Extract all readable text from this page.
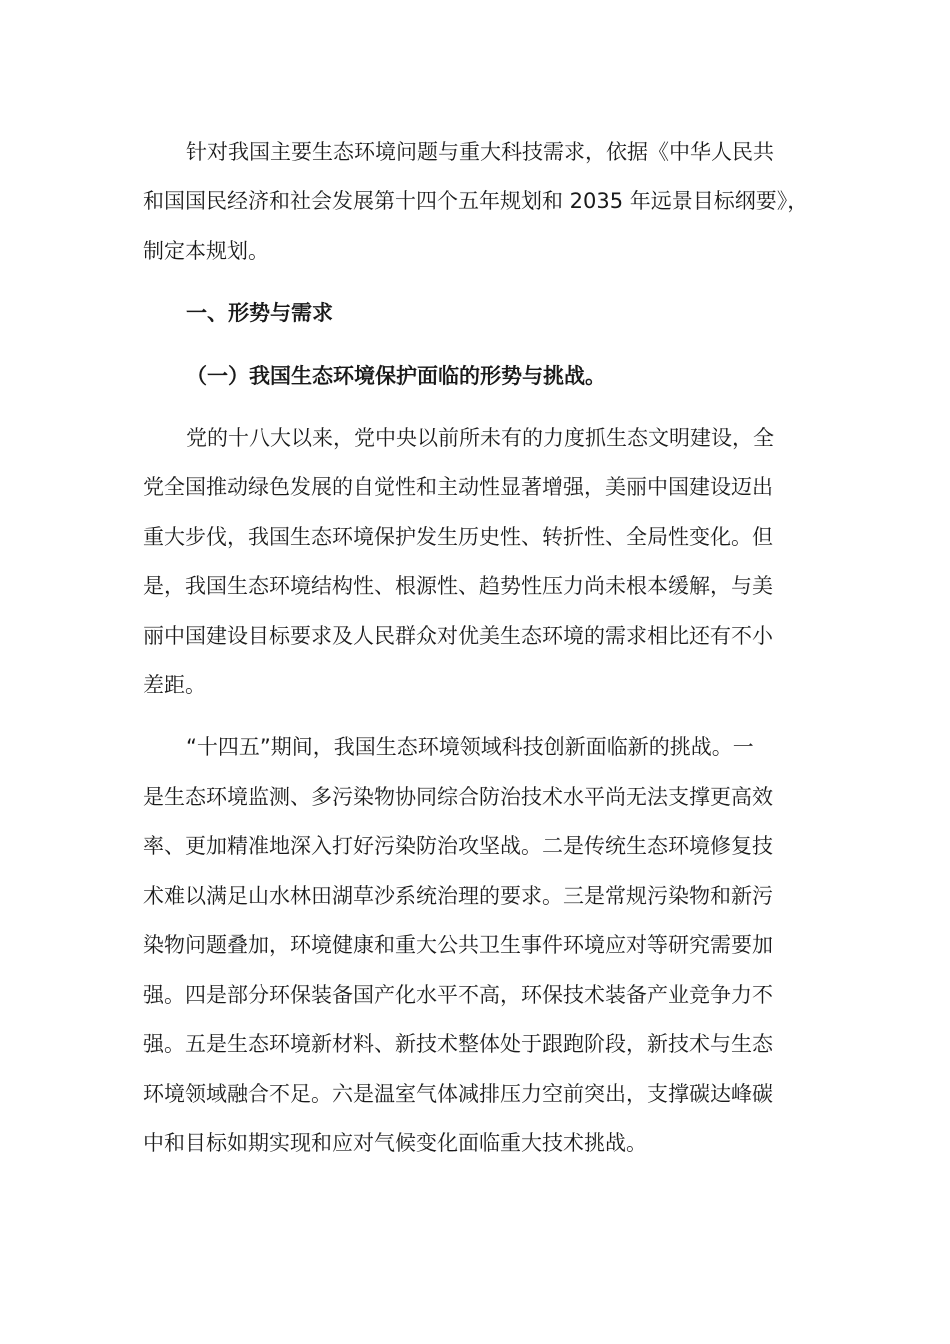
针对我国主要生态环境问题与重大科技需求，依据《中华人民共
和国国民经济和社会发展第十四个五年规划和 2035 年远景目标纲要》，
制定本规划。
一、形势与需求
（一）我国生态环境保护面临的形势与挑战。
党的十八大以来，党中央以前所未有的力度抓生态文明建设，全
党全国推动绿色发展的自觉性和主动性显著增强，美丽中国建设迈出
重大步伐，我国生态环境保护发生历史性、转折性、全局性变化。但
是，我国生态环境结构性、根源性、趋势性压力尚未根本缓解，与美
丽中国建设目标要求及人民群众对优美生态环境的需求相比还有不小
差距。
“十四五”期间，我国生态环境领域科技创新面临新的挑战。一
是生态环境监测、多污染物协同综合防治技术水平尚无法支撑更高效
率、更加精准地深入打好污染防治攻坚战。二是传统生态环境修复技
术难以满足山水林田湖草沙系统治理的要求。三是常规污染物和新污
染物问题叠加，环境健康和重大公共卫生事件环境应对等研究需要加
强。四是部分环保装备国产化水平不高，环保技术装备产业竞争力不
强。五是生态环境新材料、新技术整体处于跟跑阶段，新技术与生态
环境领域融合不足。六是温室气体减排压力空前突出，支撑碳达峰碳
中和目标如期实现和应对气候变化面临重大技术挑战。
